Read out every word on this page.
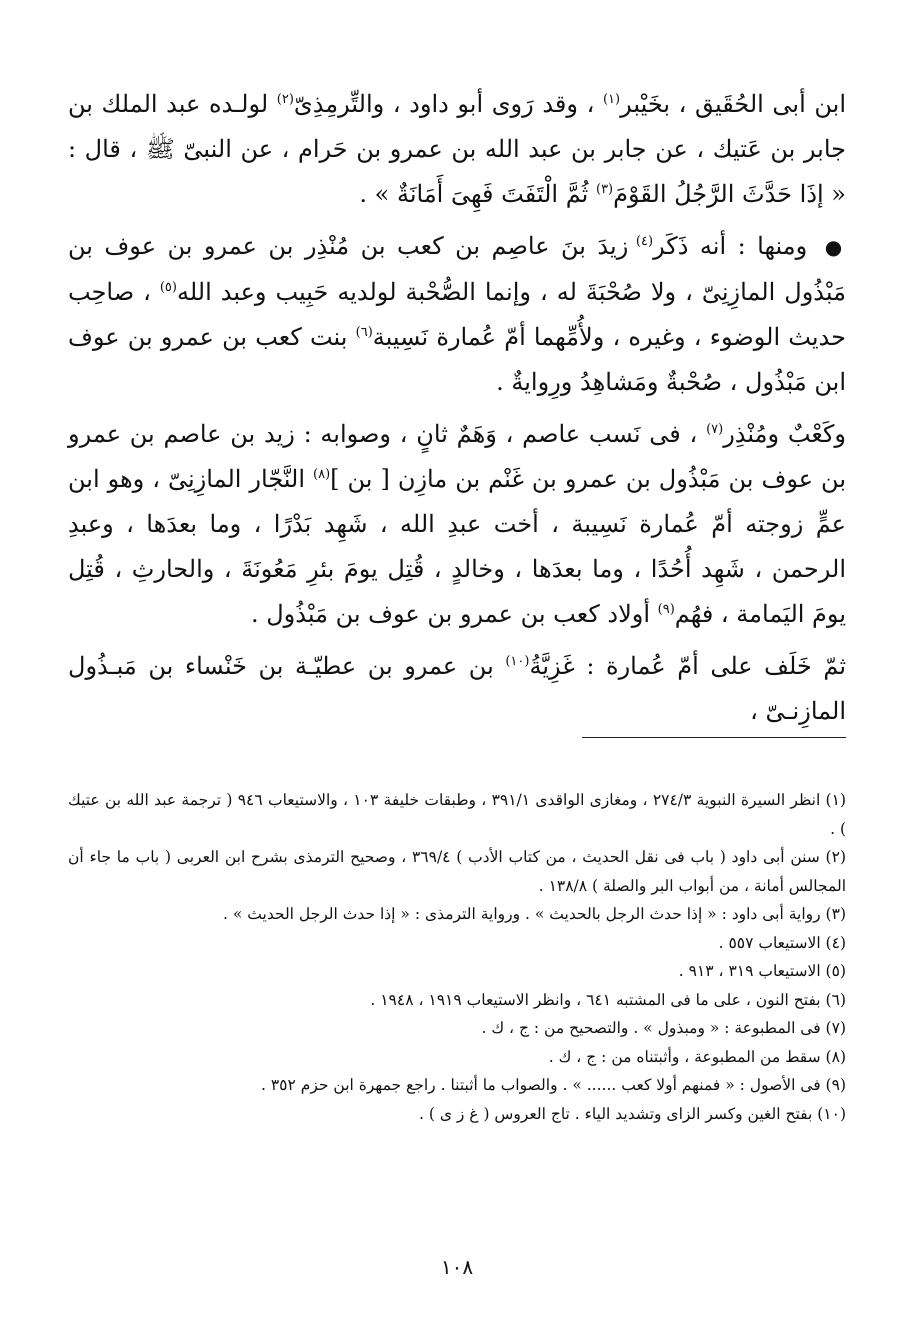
ابن أبى الحُقَيق ، بخَيْبر$^{(١)}$ ، وقد رَوى أبو داود ، والتِّرمِذِىّ$^{(٢)}$ لولـده عبد الملك بن جابر بن عَتيك ، عن جابر بن عبد الله بن عمرو بن حَرام ، عن النبىّ ﷺ ، قال : « إذَا حَدَّثَ الرَّجُلُ القَوْمَ$^{(٣)}$ ثُمَّ الْتَفَتَ فَهِىَ أَمَانَةٌ » .

● ومنها : أنه ذَكَر$^{(٤)}$ زيدَ بنَ عاصِم بن كعب بن مُنْذِر بن عمرو بن عوف بن مَبْذُول المازِنِىّ ، ولا صُحْبَةَ له ، وإنما الصُّحْبة لولديه حَبِيب وعبد الله$^{(٥)}$ ، صاحِب حديث الوضوء ، وغيره ، ولأُمِّهما أمّ عُمارة نَسِيبة$^{(٦)}$ بنت كعب بن عمرو بن عوف ابن مَبْذُول ، صُحْبةٌ ومَشاهِدُ ورِوايةٌ .

وكَعْبٌ ومُنْذِر$^{(٧)}$ ، فى نَسب عاصم ، وَهَمٌ ثانٍ ، وصوابه : زيد بن عاصم بن عمرو بن عوف بن مَبْذُول بن عمرو بن غَنْم بن مازِن [ بن ]$^{(٨)}$ النَّجّار المازِنِىّ ، وهو ابن عمٍّ زوجته أمّ عُمارة نَسِيبة ، أخت عبدِ الله ، شَهِد بَدْرًا ، وما بعدَها ، وعبدِ الرحمن ، شَهِد أُحُدًا ، وما بعدَها ، وخالدٍ ، قُتِل يومَ بئرِ مَعُونَةَ ، والحارثِ ، قُتِل يومَ اليَمامة ، فهُم$^{(٩)}$ أولاد كعب بن عمرو بن عوف بن مَبْذُول .

ثمّ خَلَف على أمّ عُمارة : غَزِيَّةُ$^{(١٠)}$ بن عمرو بن عطيّـة بن خَنْساء بن مَبـذُول المازِنـىّ ،

(١) انظر السيرة النبوية ٢٧٤/٣ ، ومغازى الواقدى ٣٩١/١ ، وطبقات خليفة ١٠٣ ، والاستيعاب ٩٤٦ ( ترجمة عبد الله بن عتيك ) .

(٢) سنن أبى داود ( باب فى نقل الحديث ، من كتاب الأدب ) ٣٦٩/٤ ، وصحيح الترمذى بشرح ابن العربى ( باب ما جاء أن المجالس أمانة ، من أبواب البر والصلة ) ١٣٨/٨ .

(٣) رواية أبى داود : « إذا حدث الرجل بالحديث » . ورواية الترمذى : « إذا حدث الرجل الحديث » .

(٤) الاستيعاب ٥٥٧ .

(٥) الاستيعاب ٣١٩ ، ٩١٣ .

(٦) بفتح النون ، على ما فى المشتبه ٦٤١ ، وانظر الاستيعاب ١٩١٩ ، ١٩٤٨ .

(٧) فى المطبوعة : « ومبذول » . والتصحيح من : ج ، ك .

(٨) سقط من المطبوعة ، وأثبتناه من : ج ، ك .

(٩) فى الأصول : « فمنهم أولا كعب ...... » . والصواب ما أثبتنا . راجع جمهرة ابن حزم ٣٥٢ .

(١٠) بفتح الغين وكسر الزاى وتشديد الياء . تاج العروس ( غ ز ى ) .

١٠٨
